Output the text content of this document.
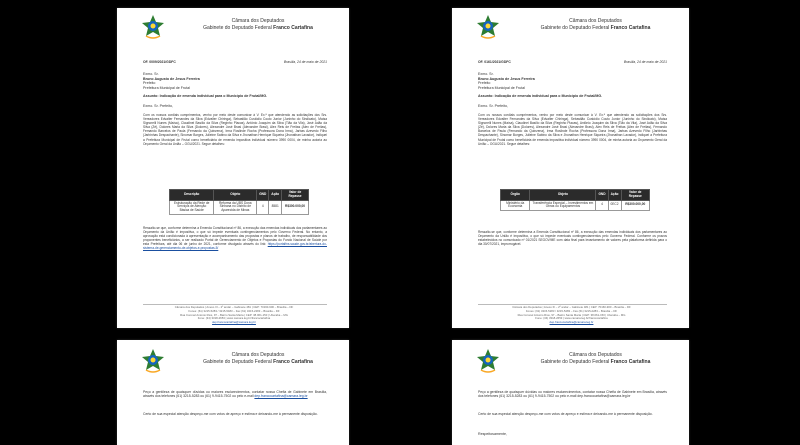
Câmara dos Deputados
Gabinete do Deputado Federal Franco Cartafina
OF. 0009/2021/GDFC	Brasília, 24 de maio de 2021
Exmo. Sr.
Bruno Augusto de Jesus Ferreira
Prefeito
Prefeitura Municipal de Frutal
Assunto: Indicação de emenda individual para o Município de Frutal/MG.
Exmo. Sr. Prefeito,
Com os nossos cordiais cumprimentos, venho por meio deste comunicar à V. Ex.ª que atendendo as solicitações dos Srs. Vereadores Edvalter Fernandes da Silva (Edvalter Chiringa), Sebastião Custódio Couto Junior (Juninho do Sindicato), Maísa Signorelli Nunes (Maísa), Claudinei Basílio da Silva (Reginho Placas), Antônio Joaquim da Silva (Tião da Vila), José Adão da Silva (Zé), Dolores Maria da Silva (Dolores), Alexandre José Brasi (Alexandre Brasi), Alex Reis de Freitas (Alex de Freitas), Fernando Barcelos de Paula (Fernando da Quinzena), Irma Roslinde Rocha (Professora Dona Irma), Jarbas Azevedo Filho (Jarbinhas Despachante), Sinomar Borges, Julieine Sabino da Silva e Jhonathan Henrique Siqueira (Jhonathan Lavador), indiquei a Prefeitura Municipal de Frutal como beneficiária de emenda impositiva individual número 3990 0004, de minha autoria ao Orçamento Geral da União – OGU/2021. Segue detalhes:
Descrição	Objeto	GND	Ação	Valor de Repasse
Estruturação da Rede de Serviços de Atenção Básica de Saúde	Reforma da UBS Dona Sinhana no Distrito de Aparecida de Minas	4	8581	R$300.000,00
Ressalto-se que, conforme determina a Emenda Constitucional nº 86, a execução das emendas individuais dos parlamentares ao Orçamento da União é impositiva, o que só impede eventuais contingenciamentos pelo Governo Federal. No entanto, a aprovação está condicionada à apresentação e acompanhamento das propostas e planos de trabalho, de responsabilidade dos proponentes beneficiários, a ser realizado Portal de Gerenciamento de Objetos e Propostas do Fundo Nacional de Saúde por esta Prefeitura, até dia 06 de junho de 2021, conforme divulgado através do link: https://portalfns.saude.gov.br/abertura-do-sistema-de-gerenciamento-de-objetos-e-propostas-5/
Câmara dos Deputados | Anexo III – 2º andar – Gabinete 481 | CEP: 70160-900 – Brasília – DF
Fones: (61) 3215-5283 / 3215-5483 – Fax (61) 3215-2283 – Brasília – DF
Rua Coronel Antonio Rios, 97 – Bairro Santa Marta | CEP: 38.061-150 | Uberaba – MG
Fone: (34) 3318-2653 | www.camara.leg.br/francocartafina
dep.francocartafina@camara.leg.br
Câmara dos Deputados
Gabinete do Deputado Federal Franco Cartafina
OF. 0161/2021/GDFC	Brasília, 24 de maio de 2021
Exmo. Sr.
Bruno Augusto de Jesus Ferreira
Prefeito
Prefeitura Municipal de Frutal
Assunto: Indicação de emenda individual para o Município de Frutal/MG.
Exmo. Sr. Prefeito,
Com os nossos cordiais cumprimentos, venho por meio deste comunicar à V. Ex.ª que atendendo as solicitações dos Srs. Vereadores Edvalter Fernandes da Silva (Edvalter Chiringa), Sebastião Custódio Couto Junior (Juninho do Sindicato), Maísa Signorelli Nunes (Maísa), Claudinei Basílio da Silva (Reginho Placas), Antônio Joaquim da Silva (Tião da Vila), José Adão da Silva (Zé), Dolores Maria da Silva (Dolores), Alexandre José Brasi (Alexandre Brasi), Alex Reis de Freitas (Alex de Freitas), Fernando Barcelos de Paula (Fernando da Quinzena), Irma Roslinde Rocha (Professora Dona Irma), Jarbas Azevedo Filho (Jarbinhas Despachante), Sinomar Borges, Julieine Sabino da Silva e Jhonathan Henrique Siqueira (Jhonathan Lavador), indiquei a Prefeitura Municipal de Frutal como beneficiária de emenda impositiva individual número 3990 0004, de minha autoria ao Orçamento Geral da União – OGU/2021. Segue detalhes:
Órgão	Objeto	GND	Ação	Valor de Repasse
Ministério da Economia	Transferência Especial – Investimentos em Obras ou Equipamentos	4	0EC2	R$300.000,00
Ressalto-se que, conforme determina a Emenda Constitucional nº 86, a execução das emendas individuais dos parlamentares ao Orçamento da União é impositiva, o que só impede eventuais contingenciamentos pelo Governo Federal. Conforme os prazos estabelecidos no comunicado nº 01/2021 SEGOV/ME com data final para levantamento de valores pela plataforma definida para o dia 30/07/2021, improrrogável.
Câmara dos Deputados | Anexo III – 2º andar – Gabinete 481 | CEP: 70160-900 – Brasília – DF
Fones: (61) 3215-5283 / 3215-5483 – Fax (61) 3215-2283 – Brasília – DF
Rua Coronel Antonio Rios, 97 – Bairro Santa Marta | CEP: 38.061-150 | Uberaba – MG
Fone: (34) 3318-2653 | www.camara.leg.br/francocartafina
dep.francocartafina@camara.leg.br
Câmara dos Deputados
Gabinete do Deputado Federal Franco Cartafina
Peço a gentileza de quaisquer dúvidas ou maiores esclarecimentos, contatar nossa Chefia de Gabinete em Brasília, através dos telefones (61) 3215-5283 ou (61) 9-9415-7502 ou pelo e-mail dep.francocartafina@camara.leg.br
Certo de sua especial atenção despeço-me com votos de apreço e estima e deixando-me à permanente disposição.
Câmara dos Deputados
Gabinete do Deputado Federal Franco Cartafina
Peço a gentileza de quaisquer dúvidas ou maiores esclarecimentos, contatar nossa Chefia de Gabinete em Brasília, através dos telefones (61) 3215-5283 ou (61) 9-9415-7502 ou pelo e-mail dep.francocartafina@camara.leg.br
Certo de sua especial atenção despeço-me com votos de apreço e estima e deixando-me à permanente disposição.
Respeitosamente,
